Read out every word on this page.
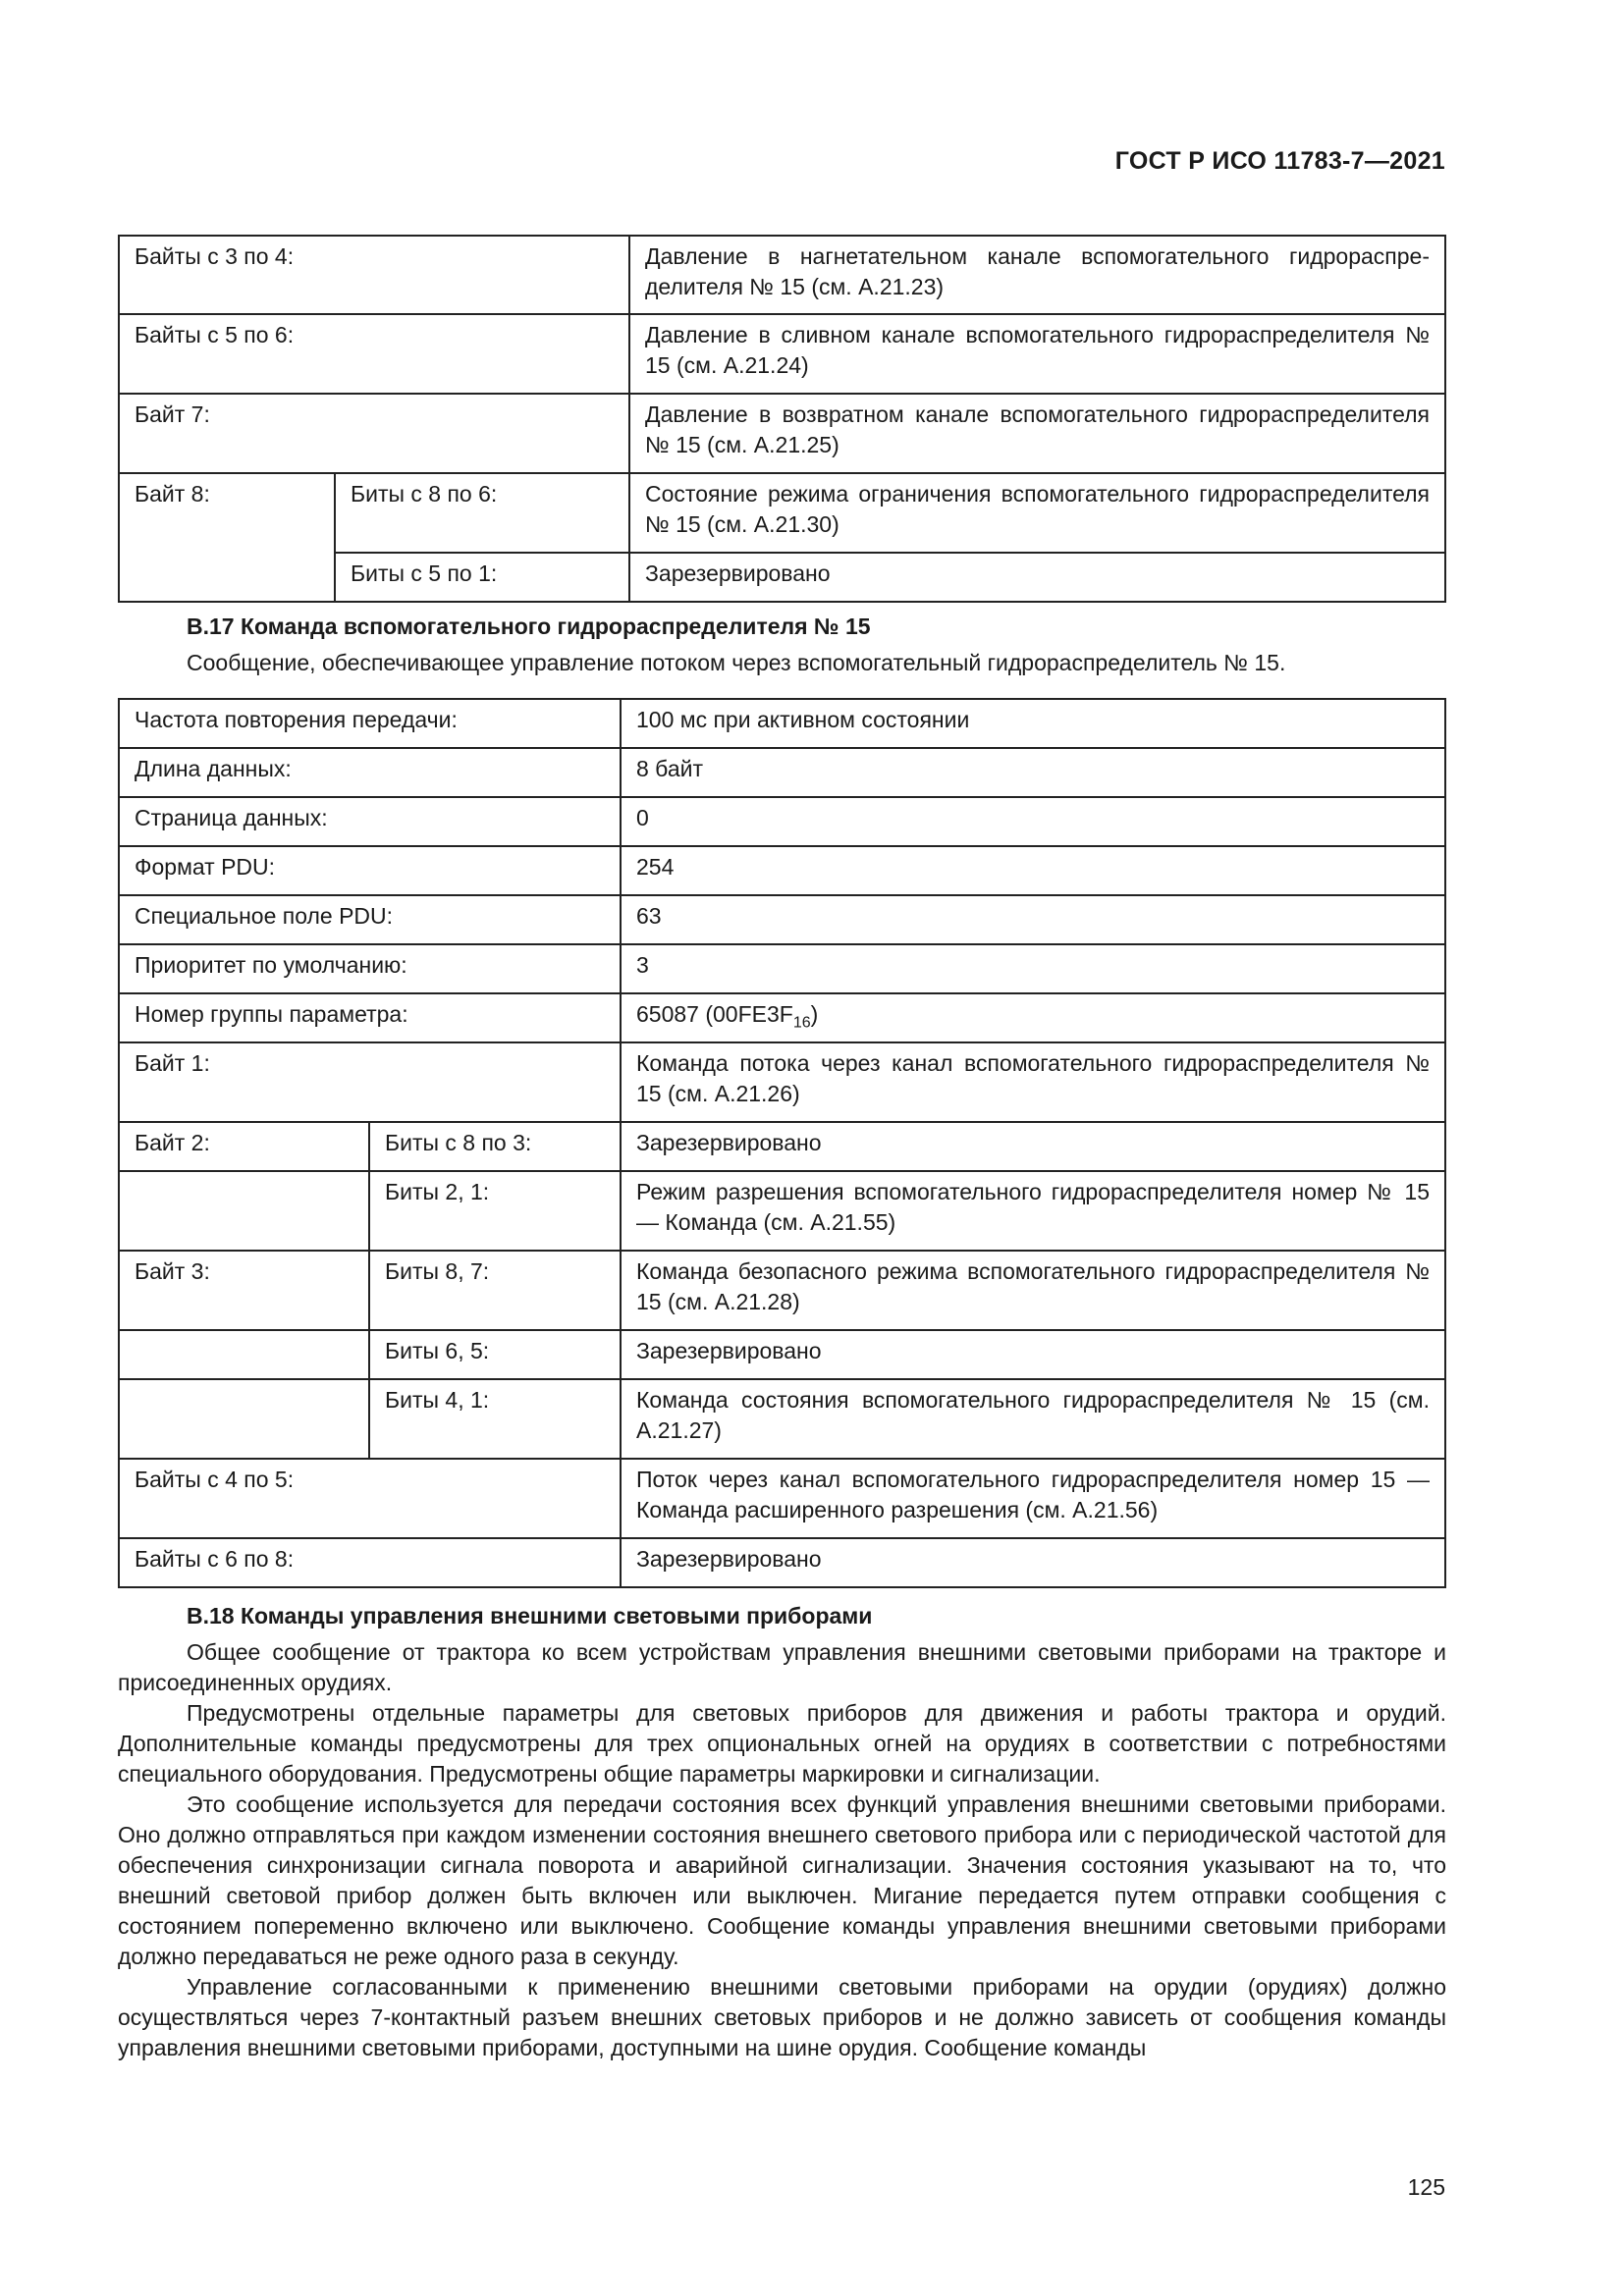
ГОСТ Р ИСО 11783-7—2021
Байты с 3 по 4:		Давление в нагнетательном канале вспомогательного гидрораспределителя № 15 (см. А.21.23)
Байты с 5 по 6:		Давление в сливном канале вспомогательного гидрораспределителя № 15 (см. А.21.24)
Байт 7:		Давление в возвратном канале вспомогательного гидрораспределителя № 15 (см. А.21.25)
Байт 8:	Биты с 8 по 6:	Состояние режима ограничения вспомогательного гидрораспределителя № 15 (см. А.21.30)
	Биты с 5 по 1:	Зарезервировано
В.17 Команда вспомогательного гидрораспределителя № 15

Сообщение, обеспечивающее управление потоком через вспомогательный гидрораспределитель № 15.

Частота повторения передачи:		100 мс при активном состоянии
Длина данных:		8 байт
Страница данных:		0
Формат PDU:		254
Специальное поле PDU:		63
Приоритет по умолчанию:		3
Номер группы параметра:		65087 $(00FE3F_{16})$
Байт 1:		Команда потока через канал вспомогательного гидрораспределителя № 15 (см. А.21.26)
Байт 2:	Биты с 8 по 3:	Зарезервировано
	Биты 2, 1:	Режим разрешения вспомогательного гидрораспределителя номер № 15 — Команда (см. А.21.55)
Байт 3:	Биты 8, 7:	Команда безопасного режима вспомогательного гидрораспределителя № 15 (см. А.21.28)
	Биты 6, 5:	Зарезервировано
	Биты 4, 1:	Команда состояния вспомогательного гидрораспределителя № 15 (см. А.21.27)
Байты с 4 по 5:		Поток через канал вспомогательного гидрораспределителя номер 15 — Команда расширенного разрешения (см. А.21.56)
Байты с 6 по 8:		Зарезервировано
В.18 Команды управления внешними световыми приборами

Общее сообщение от трактора ко всем устройствам управления внешними световыми приборами на тракторе и присоединенных орудиях.

Предусмотрены отдельные параметры для световых приборов для движения и работы трактора и орудий. Дополнительные команды предусмотрены для трех опциональных огней на орудиях в соответствии с потребностями специального оборудования. Предусмотрены общие параметры маркировки и сигнализации.

Это сообщение используется для передачи состояния всех функций управления внешними световыми приборами. Оно должно отправляться при каждом изменении состояния внешнего светового прибора или с периодической частотой для обеспечения синхронизации сигнала поворота и аварийной сигнализации. Значения состояния указывают на то, что внешний световой прибор должен быть включен или выключен. Мигание передается путем отправки сообщения с состоянием попеременно включено или выключено. Сообщение команды управления внешними световыми приборами должно передаваться не реже одного раза в секунду.

Управление согласованными к применению внешними световыми приборами на орудии (орудиях) должно осуществляться через 7-контактный разъем внешних световых приборов и не должно зависеть от сообщения команды управления внешними световыми приборами, доступными на шине орудия. Сообщение команды

125
